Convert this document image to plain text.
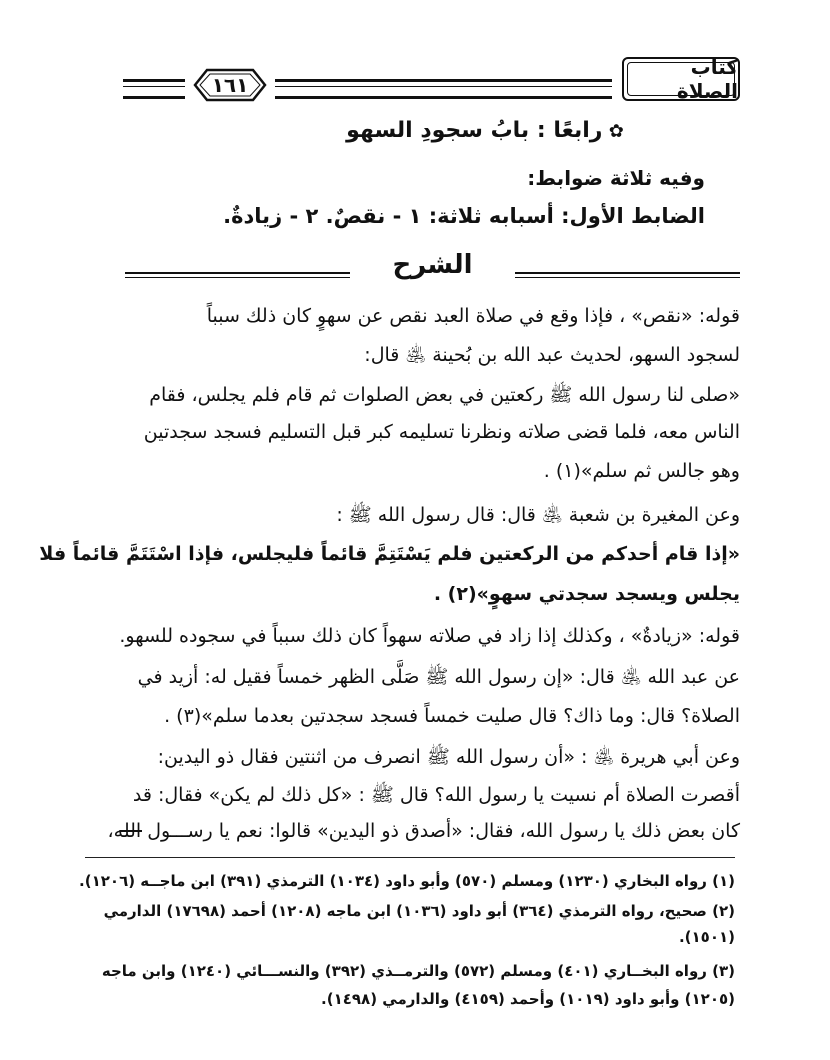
١٦١
كتاب الصلاة
✿ رابعًا : بابُ سجودِ السهو
وفيه ثلاثة ضوابط:
الضابط الأول: أسبابه ثلاثة: ١ - نقصٌ. ٢ - زيادةٌ.
الشرح
قوله: «نقص» ، فإذا وقع في صلاة العبد نقص عن سهوٍ كان ذلك سبباً
لسجود السهو، لحديث عبد الله بن بُحينة ﵁ قال:
«صلى لنا رسول الله ﷺ ركعتين في بعض الصلوات ثم قام فلم يجلس، فقام
الناس معه، فلما قضى صلاته ونظرنا تسليمه كبر قبل التسليم فسجد سجدتين
وهو جالس ثم سلم»(١) .
وعن المغيرة بن شعبة ﵁ قال: قال رسول الله ﷺ :
«إذا قام أحدكم من الركعتين فلم يَسْتَتِمَّ قائماً فليجلس، فإذا اسْتَتَمَّ قائماً فلا
يجلس ويسجد سجدتي سهوٍ»(٢) .
قوله: «زيادةٌ» ، وكذلك إذا زاد في صلاته سهواً كان ذلك سبباً في سجوده للسهو.
عن عبد الله ﵁ قال: «إن رسول الله ﷺ صَلَّى الظهر خمساً فقيل له: أزيد في
الصلاة؟ قال: وما ذاك؟ قال صليت خمساً فسجد سجدتين بعدما سلم»(٣) .
وعن أبي هريرة ﵁ : «أن رسول الله ﷺ انصرف من اثنتين فقال ذو اليدين:
أقصرت الصلاة أم نسيت يا رسول الله؟ قال ﷺ : «كل ذلك لم يكن» فقال: قد
كان بعض ذلك يا رسول الله، فقال: «أصدق ذو اليدين» قالوا: نعم يا رســـول الله،
(١) رواه البخاري (١٢٣٠) ومسلم (٥٧٠) وأبو داود (١٠٣٤) الترمذي (٣٩١) ابن ماجــه (١٢٠٦).
(٢) صحيح، رواه الترمذي (٣٦٤) أبو داود (١٠٣٦) ابن ماجه (١٢٠٨) أحمد (١٧٦٩٨) الدارمي
(١٥٠١).
(٣) رواه البخــاري (٤٠١) ومسلم (٥٧٢) والترمــذي (٣٩٢) والنســـائي (١٢٤٠) وابن ماجه
(١٢٠٥) وأبو داود (١٠١٩) وأحمد (٤١٥٩) والدارمي (١٤٩٨).
